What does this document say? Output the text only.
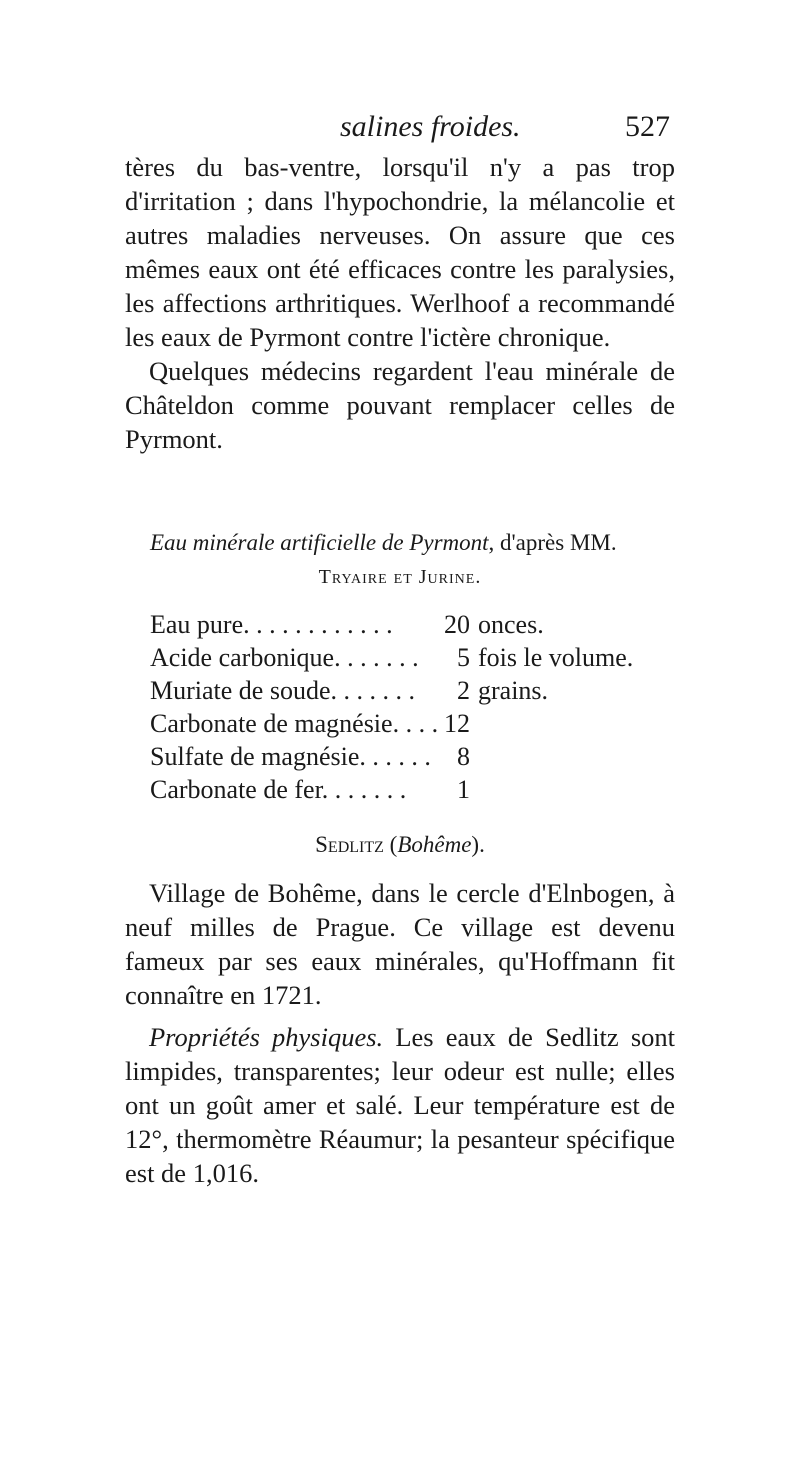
salines froides.	527

tères du bas-ventre, lorsqu'il n'y a pas trop d'irritation ; dans l'hypochondrie, la mélancolie et autres maladies nerveuses. On assure que ces mêmes eaux ont été efficaces contre les paralysies, les affections arthritiques. Werlhoof a recommandé les eaux de Pyrmont contre l'ictère chronique.

Quelques médecins regardent l'eau minérale de Châteldon comme pouvant remplacer celles de Pyrmont.

Eau minérale artificielle de Pyrmont, d'après MM.
Tryaire et Jurine.
Eau pure. . . . . . . . . . . . 20 onces.
Acide carbonique. . . . . . .	5 fois le volume.
Muriate de soude. . . . . . .	2 grains.
Carbonate de magnésie. . . . 12
Sulfate de magnésie. . . . . .	8
Carbonate de fer. . . . . . .	1
Sedlitz (Bohême).

Village de Bohême, dans le cercle d'Elnbogen, à neuf milles de Prague. Ce village est devenu fameux par ses eaux minérales, qu'Hoffmann fit connaître en 1721.

Propriétés physiques. Les eaux de Sedlitz sont limpides, transparentes; leur odeur est nulle; elles ont un goût amer et salé. Leur température est de 12°, thermomètre Réaumur; la pesanteur spécifique est de 1,016.
